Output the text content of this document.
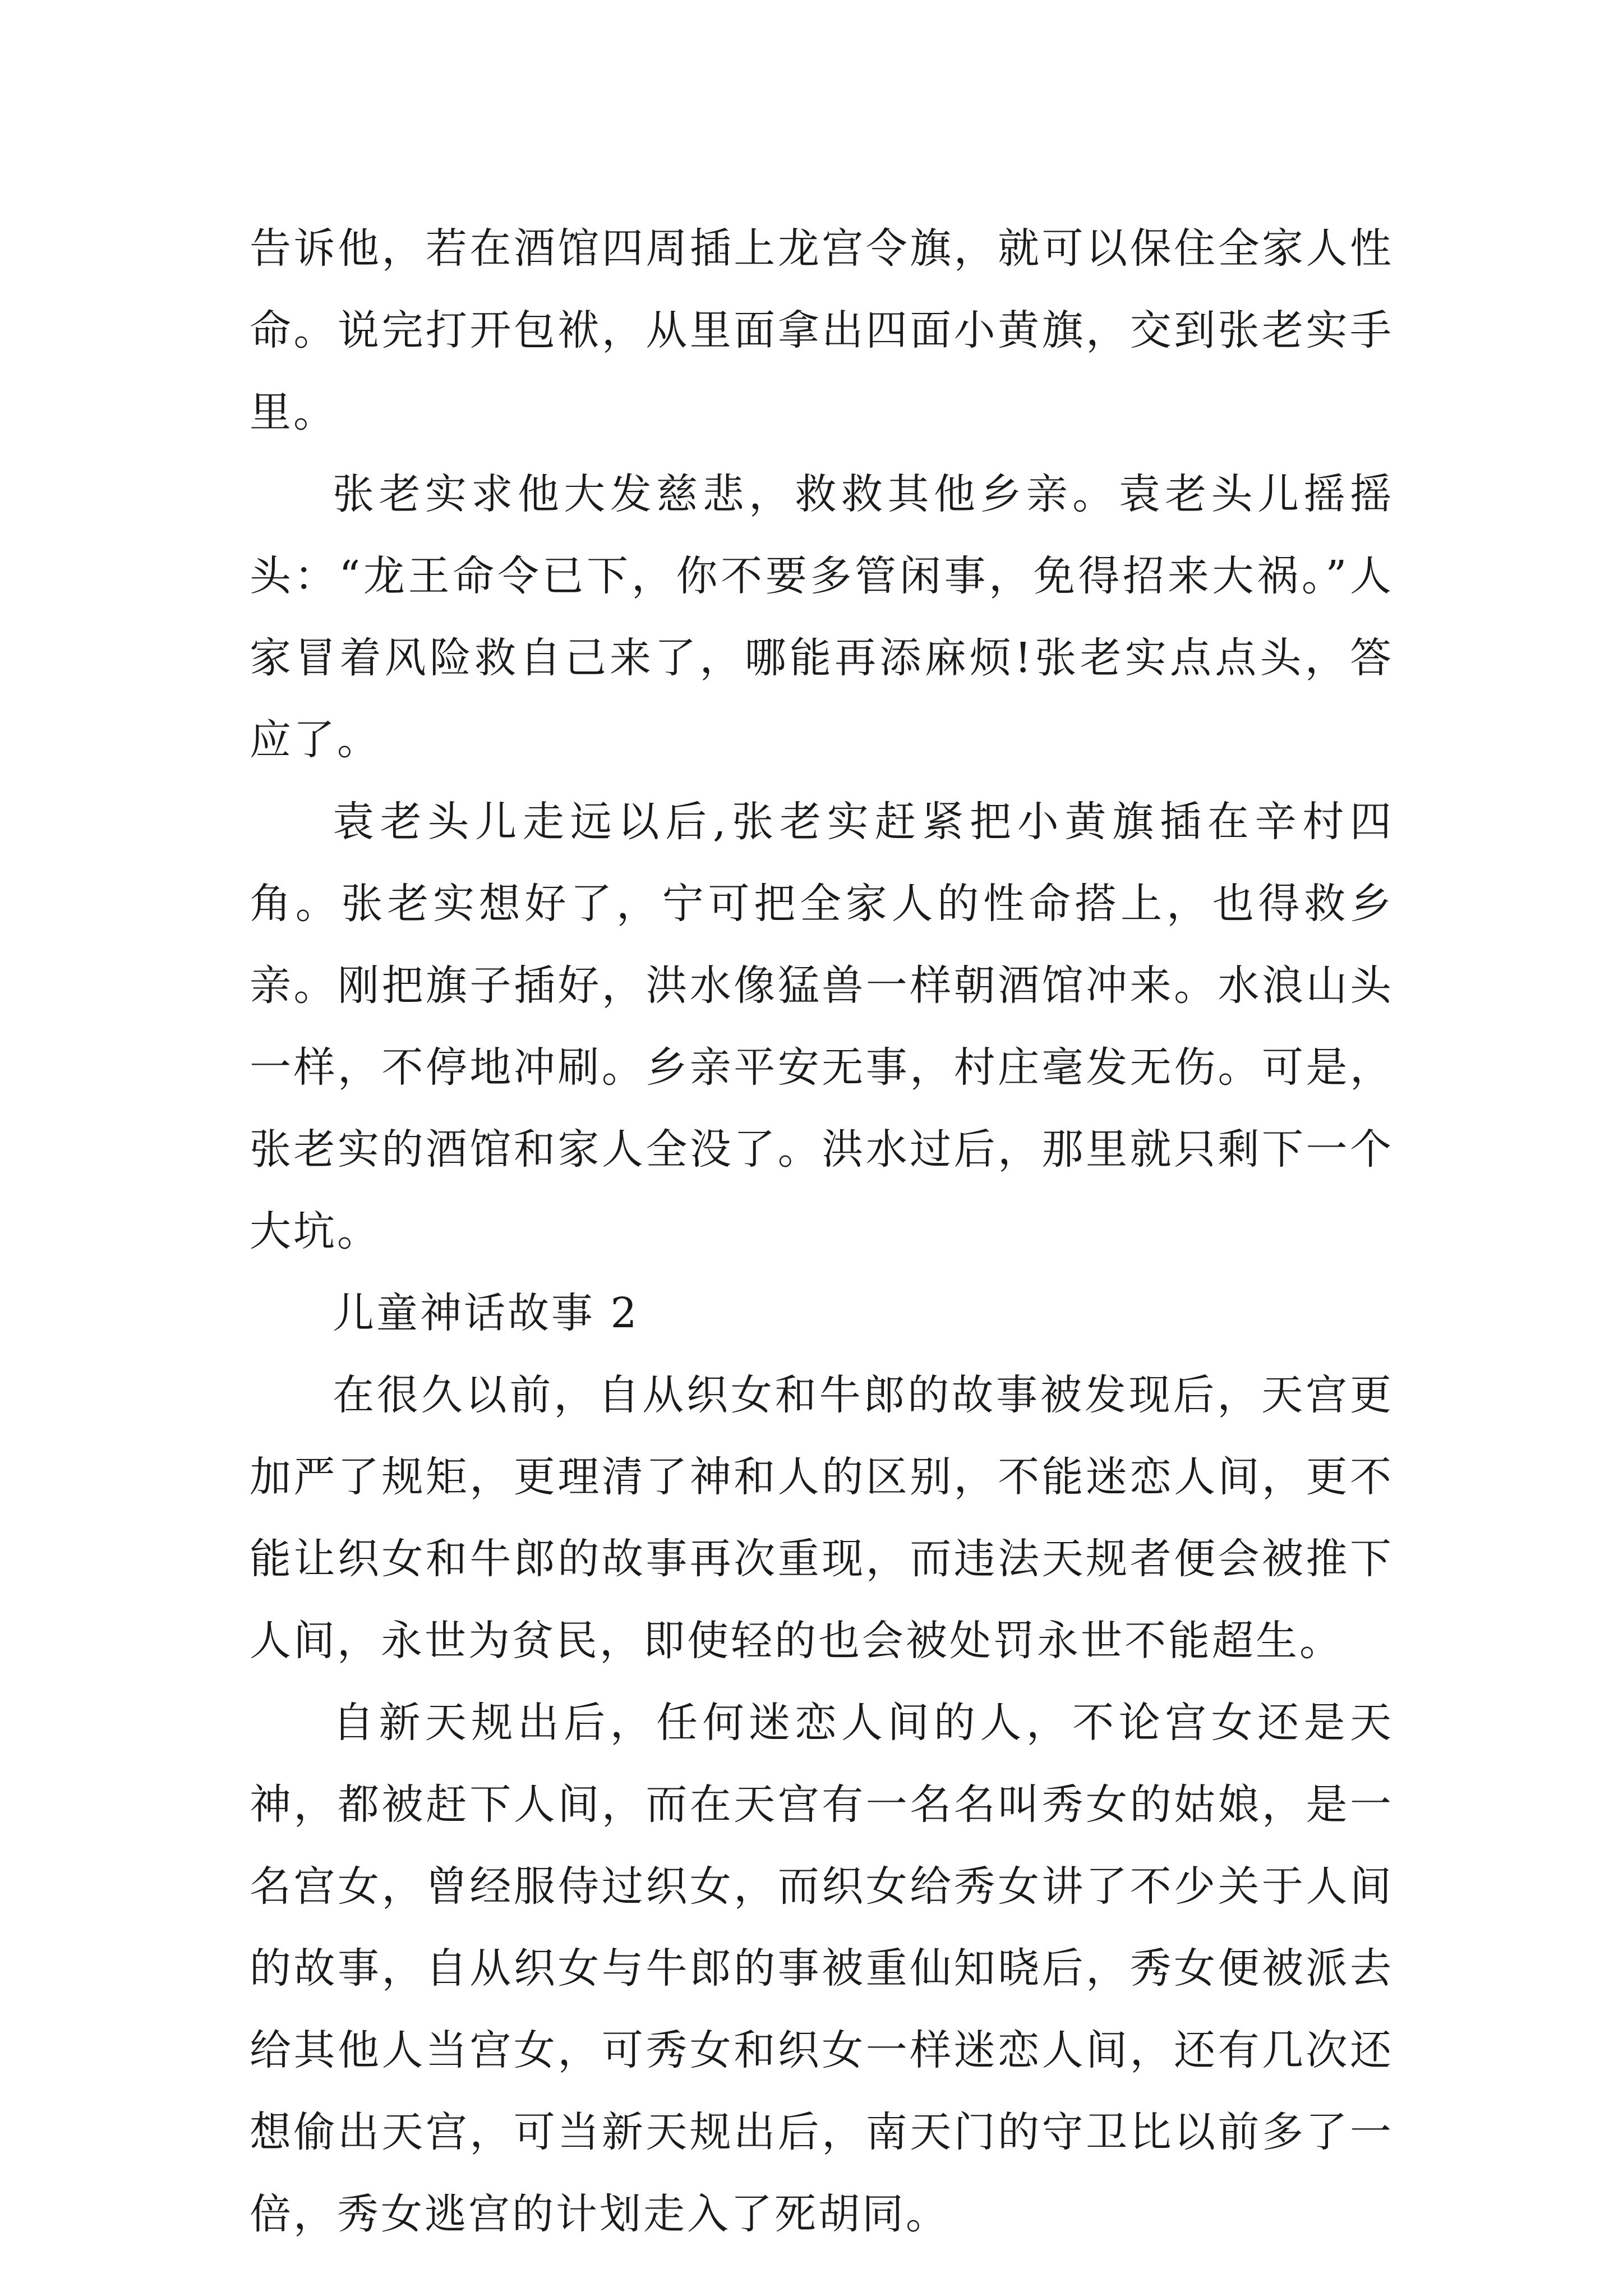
告诉他，若在酒馆四周插上龙宫令旗，就可以保住全家人性命。说完打开包袱，从里面拿出四面小黄旗，交到张老实手里。

张老实求他大发慈悲，救救其他乡亲。袁老头儿摇摇头：“龙王命令已下，你不要多管闲事，免得招来大祸。”人家冒着风险救自己来了，哪能再添麻烦!张老实点点头，答应了。

袁老头儿走远以后,张老实赶紧把小黄旗插在辛村四角。张老实想好了，宁可把全家人的性命搭上，也得救乡亲。刚把旗子插好，洪水像猛兽一样朝酒馆冲来。水浪山头一样，不停地冲刷。乡亲平安无事，村庄毫发无伤。可是，张老实的酒馆和家人全没了。洪水过后，那里就只剩下一个大坑。

儿童神话故事 2

在很久以前，自从织女和牛郎的故事被发现后，天宫更加严了规矩，更理清了神和人的区别，不能迷恋人间，更不能让织女和牛郎的故事再次重现，而违法天规者便会被推下人间，永世为贫民，即使轻的也会被处罚永世不能超生。

自新天规出后，任何迷恋人间的人，不论宫女还是天神，都被赶下人间，而在天宫有一名名叫秀女的姑娘，是一名宫女，曾经服侍过织女，而织女给秀女讲了不少关于人间的故事，自从织女与牛郎的事被重仙知晓后，秀女便被派去给其他人当宫女，可秀女和织女一样迷恋人间，还有几次还想偷出天宫，可当新天规出后，南天门的守卫比以前多了一倍，秀女逃宫的计划走入了死胡同。
